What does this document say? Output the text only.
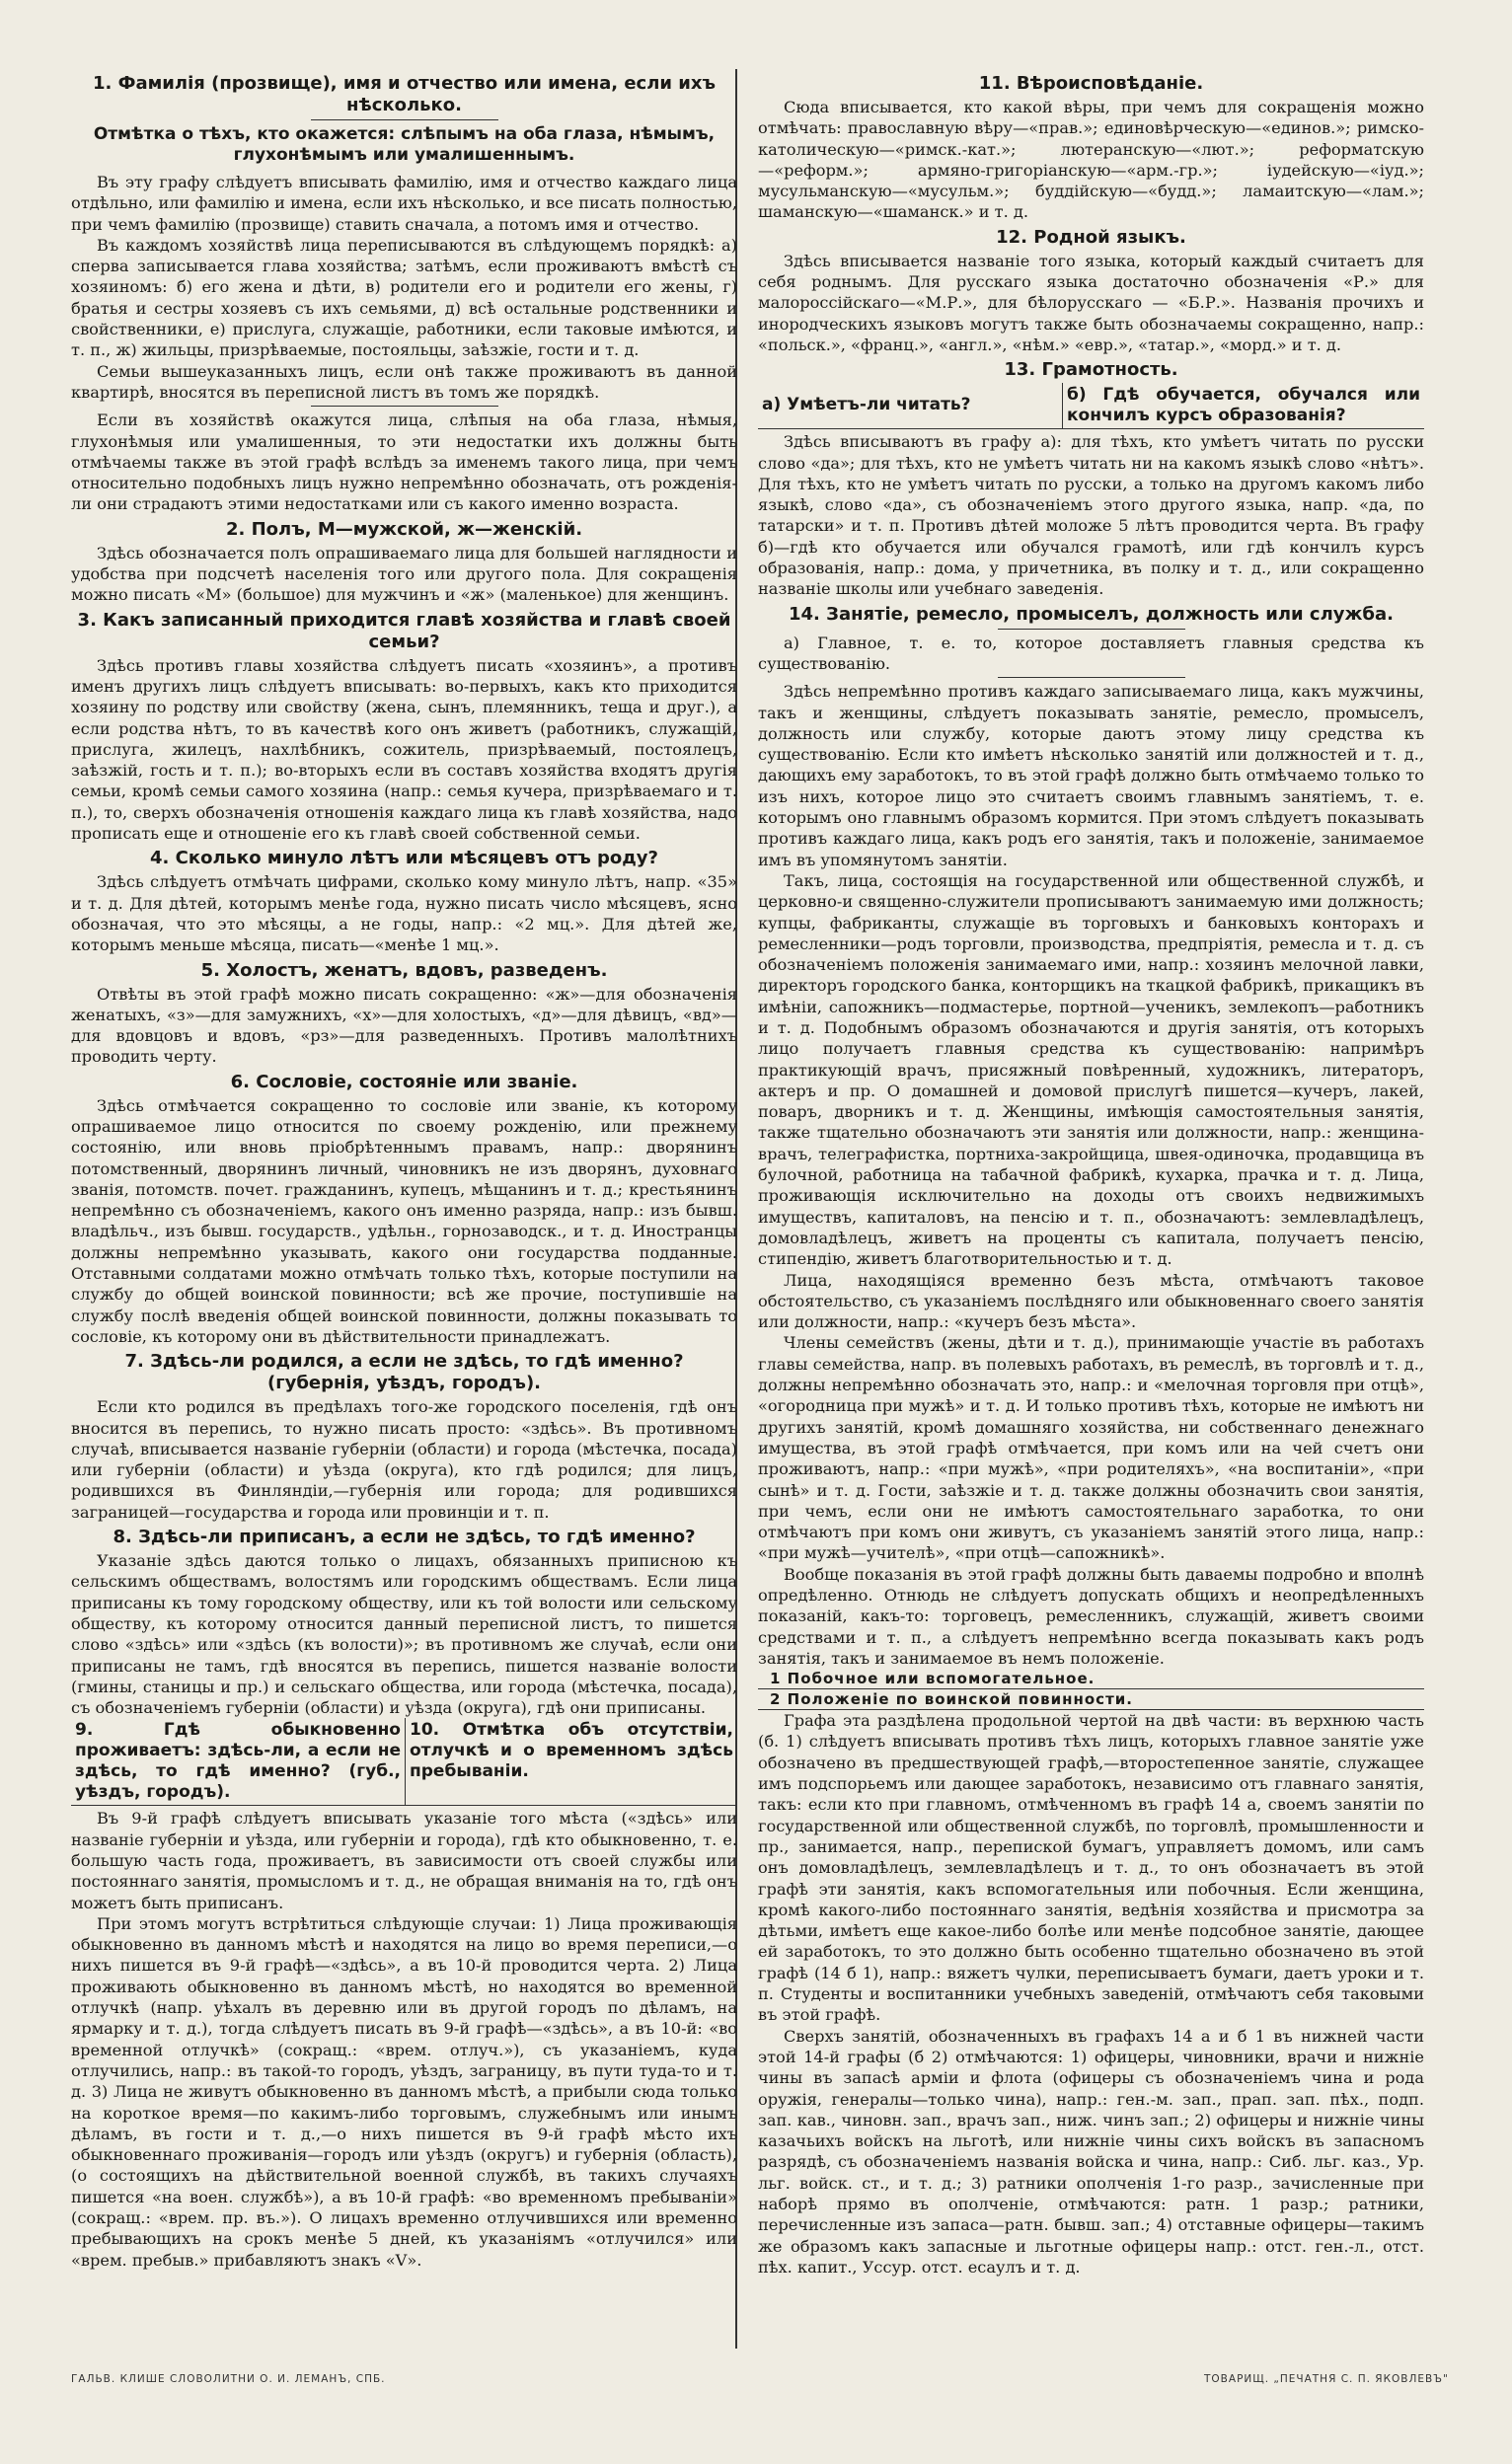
1. Фамилія (прозвище), имя и отчество или имена, если ихъ нѣсколько.
Отмѣтка о тѣхъ, кто окажется: слѣпымъ на оба глаза, нѣмымъ, глухонѣмымъ или умалишеннымъ.

Въ эту графу слѣдуетъ вписывать фамилію, имя и отчество каждаго лица отдѣльно, или фамилію и имена, если ихъ нѣсколько, и все писать полностью, при чемъ фамилію (прозвище) ставить сначала, а потомъ имя и отчество.

Въ каждомъ хозяйствѣ лица переписываются въ слѣдующемъ порядкѣ: а) сперва записывается глава хозяйства; затѣмъ, если проживаютъ вмѣстѣ съ хозяиномъ: б) его жена и дѣти, в) родители его и родители его жены, г) братья и сестры хозяевъ съ ихъ семьями, д) всѣ остальные родственники и свойственники, е) прислуга, служащіе, работники, если таковые имѣются, и т. п., ж) жильцы, призрѣваемые, постояльцы, заѣзжіе, гости и т. д.

Семьи вышеуказанныхъ лицъ, если онѣ также проживаютъ въ данной квартирѣ, вносятся въ переписной листъ въ томъ же порядкѣ.

Если въ хозяйствѣ окажутся лица, слѣпыя на оба глаза, нѣмыя, глухонѣмыя или умалишенныя, то эти недостатки ихъ должны быть отмѣчаемы также въ этой графѣ вслѣдъ за именемъ такого лица, при чемъ относительно подобныхъ лицъ нужно непремѣнно обозначать, отъ рожденія-ли они страдаютъ этими недостатками или съ какого именно возраста.

2. Полъ, М—мужской, ж—женскій.

Здѣсь обозначается полъ опрашиваемаго лица для большей наглядности и удобства при подсчетѣ населенія того или другого пола. Для сокращенія можно писать «М» (большое) для мужчинъ и «ж» (маленькое) для женщинъ.

3. Какъ записанный приходится главѣ хозяйства и главѣ своей семьи?

Здѣсь противъ главы хозяйства слѣдуетъ писать «хозяинъ», а противъ именъ другихъ лицъ слѣдуетъ вписывать: во-первыхъ, какъ кто приходится хозяину по родству или свойству (жена, сынъ, племянникъ, теща и друг.), а если родства нѣтъ, то въ качествѣ кого онъ живетъ (работникъ, служащій, прислуга, жилецъ, нахлѣбникъ, сожитель, призрѣваемый, постоялецъ, заѣзжій, гость и т. п.); во-вторыхъ если въ составъ хозяйства входятъ другія семьи, кромѣ семьи самого хозяина (напр.: семья кучера, призрѣваемаго и т. п.), то, сверхъ обозначенія отношенія каждаго лица къ главѣ хозяйства, надо прописать еще и отношеніе его къ главѣ своей собственной семьи.

4. Сколько минуло лѣтъ или мѣсяцевъ отъ роду?

Здѣсь слѣдуетъ отмѣчать цифрами, сколько кому минуло лѣтъ, напр. «35» и т. д. Для дѣтей, которымъ менѣе года, нужно писать число мѣсяцевъ, ясно обозначая, что это мѣсяцы, а не годы, напр.: «2 мц.». Для дѣтей же, которымъ меньше мѣсяца, писать—«менѣе 1 мц.».

5. Холостъ, женатъ, вдовъ, разведенъ.

Отвѣты въ этой графѣ можно писать сокращенно: «ж»—для обозначенія женатыхъ, «з»—для замужнихъ, «х»—для холостыхъ, «д»—для дѣвицъ, «вд»—для вдовцовъ и вдовъ, «рз»—для разведенныхъ. Противъ малолѣтнихъ проводить черту.

6. Сословіе, состояніе или званіе.

Здѣсь отмѣчается сокращенно то сословіе или званіе, къ которому опрашиваемое лицо относится по своему рожденію, или прежнему состоянію, или вновь пріобрѣтеннымъ правамъ, напр.: дворянинъ потомственный, дворянинъ личный, чиновникъ не изъ дворянъ, духовнаго званія, потомств. почет. гражданинъ, купецъ, мѣщанинъ и т. д.; крестьянинъ непремѣнно съ обозначеніемъ, какого онъ именно разряда, напр.: изъ бывш. владѣльч., изъ бывш. государств., удѣльн., горнозаводск., и т. д. Иностранцы должны непремѣнно указывать, какого они государства подданные. Отставными солдатами можно отмѣчать только тѣхъ, которые поступили на службу до общей воинской повинности; всѣ же прочие, поступившіе на службу послѣ введенія общей воинской повинности, должны показывать то сословіе, къ которому они въ дѣйствительности принадлежатъ.

7. Здѣсь-ли родился, а если не здѣсь, то гдѣ именно? (губернія, уѣздъ, городъ).

Если кто родился въ предѣлахъ того-же городского поселенія, гдѣ онъ вносится въ перепись, то нужно писать просто: «здѣсь». Въ противномъ случаѣ, вписывается названіе губерніи (области) и города (мѣстечка, посада) или губерніи (области) и уѣзда (округа), кто гдѣ родился; для лицъ, родившихся въ Финляндіи,—губернія или города; для родившихся заграницей—государства и города или провинціи и т. п.

8. Здѣсь-ли приписанъ, а если не здѣсь, то гдѣ именно?

Указаніе здѣсь даются только о лицахъ, обязанныхъ приписною къ сельскимъ обществамъ, волостямъ или городскимъ обществамъ. Если лица приписаны къ тому городскому обществу, или къ той волости или сельскому обществу, къ которому относится данный переписной листъ, то пишется слово «здѣсь» или «здѣсь (къ волости)»; въ противномъ же случаѣ, если они приписаны не тамъ, гдѣ вносятся въ перепись, пишется названіе волости (гмины, станицы и пр.) и сельскаго общества, или города (мѣстечка, посада), съ обозначеніемъ губерніи (области) и уѣзда (округа), гдѣ они приписаны.

9. Гдѣ обыкновенно проживаетъ: здѣсь-ли, а если не здѣсь, то гдѣ именно? (губ., уѣздъ, городъ).
10. Отмѣтка объ отсутствіи, отлучкѣ и о временномъ здѣсь пребываніи.

Въ 9-й графѣ слѣдуетъ вписывать указаніе того мѣста («здѣсь» или названіе губерніи и уѣзда, или губерніи и города), гдѣ кто обыкновенно, т. е. большую часть года, проживаетъ, въ зависимости отъ своей службы или постояннаго занятія, промысломъ и т. д., не обращая вниманія на то, гдѣ онъ можетъ быть приписанъ.

При этомъ могутъ встрѣтиться слѣдующіе случаи: 1) Лица проживающія обыкновенно въ данномъ мѣстѣ и находятся на лицо во время переписи,—о нихъ пишется въ 9-й графѣ—«здѣсь», а въ 10-й проводится черта. 2) Лица проживають обыкновенно въ данномъ мѣстѣ, но находятся во временной отлучкѣ (напр. уѣхалъ въ деревню или въ другой городъ по дѣламъ, на ярмарку и т. д.), тогда слѣдуетъ писать въ 9-й графѣ—«здѣсь», а въ 10-й: «во временной отлучкѣ» (сокращ.: «врем. отлуч.»), съ указаніемъ, куда отлучились, напр.: въ такой-то городъ, уѣздъ, заграницу, въ пути туда-то и т. д. 3) Лица не живутъ обыкновенно въ данномъ мѣстѣ, а прибыли сюда только на короткое время—по какимъ-либо торговымъ, служебнымъ или инымъ дѣламъ, въ гости и т. д.,—о нихъ пишется въ 9-й графѣ мѣсто ихъ обыкновеннаго проживанія—городъ или уѣздъ (округъ) и губернія (область), (о состоящихъ на дѣйствительной военной службѣ, въ такихъ случаяхъ пишется «на воен. службѣ»), а въ 10-й графѣ: «во временномъ пребываніи» (сокращ.: «врем. пр. въ.»). О лицахъ временно отлучившихся или временно пребывающихъ на срокъ менѣе 5 дней, къ указаніямъ «отлучился» или «врем. пребыв.» прибавляютъ знакъ «V».

11. Вѣроисповѣданіе.

Сюда вписывается, кто какой вѣры, при чемъ для сокращенія можно отмѣчать: православную вѣру—«прав.»; единовѣрческую—«единов.»; римско-католическую—«римск.-кат.»; лютеранскую—«лют.»; реформатскую—«реформ.»; армяно-григоріанскую—«арм.-гр.»; іудейскую—«іуд.»; мусульманскую—«мусульм.»; буддійскую—«будд.»; ламаитскую—«лам.»; шаманскую—«шаманск.» и т. д.

12. Родной языкъ.

Здѣсь вписывается названіе того языка, который каждый считаетъ для себя роднымъ. Для русскаго языка достаточно обозначенія «Р.» для малороссійскаго—«М.Р.», для бѣлорусскаго — «Б.Р.». Названія прочихъ и инородческихъ языковъ могутъ также быть обозначаемы сокращенно, напр.: «польск.», «франц.», «англ.», «нѣм.» «евр.», «татар.», «морд.» и т. д.

13. Грамотность.
а) Умѣетъ-ли читать?	б) Гдѣ обучается, обучался или кончилъ курсъ образованія?

Здѣсь вписываютъ въ графу а): для тѣхъ, кто умѣетъ читать по русски слово «да»; для тѣхъ, кто не умѣетъ читать ни на какомъ языкѣ слово «нѣтъ». Для тѣхъ, кто не умѣетъ читать по русски, а только на другомъ какомъ либо языкѣ, слово «да», съ обозначеніемъ этого другого языка, напр. «да, по татарски» и т. п. Противъ дѣтей моложе 5 лѣтъ проводится черта. Въ графу б)—гдѣ кто обучается или обучался грамотѣ, или гдѣ кончилъ курсъ образованія, напр.: дома, у причетника, въ полку и т. д., или сокращенно названіе школы или учебнаго заведенія.

14. Занятіе, ремесло, промыселъ, должность или служба.

а) Главное, т. е. то, которое доставляетъ главныя средства къ существованію.

Здѣсь непремѣнно противъ каждаго записываемаго лица, какъ мужчины, такъ и женщины, слѣдуетъ показывать занятіе, ремесло, промыселъ, должность или службу, которые даютъ этому лицу средства къ существованію. Если кто имѣетъ нѣсколько занятій или должностей и т. д., дающихъ ему заработокъ, то въ этой графѣ должно быть отмѣчаемо только то изъ нихъ, которое лицо это считаетъ своимъ главнымъ занятіемъ, т. е. которымъ оно главнымъ образомъ кормится. При этомъ слѣдуетъ показывать противъ каждаго лица, какъ родъ его занятія, такъ и положеніе, занимаемое имъ въ упомянутомъ занятіи.

Такъ, лица, состоящія на государственной или общественной службѣ, и церковно-и священно-служители прописываютъ занимаемую ими должность; купцы, фабриканты, служащіе въ торговыхъ и банковыхъ конторахъ и ремесленники—родъ торговли, производства, предпріятія, ремесла и т. д. съ обозначеніемъ положенія занимаемаго ими, напр.: хозяинъ мелочной лавки, директоръ городского банка, конторщикъ на ткацкой фабрикѣ, прикащикъ въ имѣніи, сапожникъ—подмастерье, портной—ученикъ, землекопъ—работникъ и т. д. Подобнымъ образомъ обозначаются и другія занятія, отъ которыхъ лицо получаетъ главныя средства къ существованію: напримѣръ практикующій врачъ, присяжный повѣренный, художникъ, литераторъ, актеръ и пр. О домашней и домовой прислугѣ пишется—кучеръ, лакей, поваръ, дворникъ и т. д. Женщины, имѣющія самостоятельныя занятія, также тщательно обозначаютъ эти занятія или должности, напр.: женщина-врачъ, телеграфистка, портниха-закройщица, швея-одиночка, продавщица въ булочной, работница на табачной фабрикѣ, кухарка, прачка и т. д. Лица, проживающія исключительно на доходы отъ своихъ недвижимыхъ имуществъ, капиталовъ, на пенсію и т. п., обозначаютъ: землевладѣлецъ, домовладѣлецъ, живетъ на проценты съ капитала, получаетъ пенсію, стипендію, живетъ благотворительностью и т. д.

Лица, находящіяся временно безъ мѣста, отмѣчаютъ таковое обстоятельство, съ указаніемъ послѣдняго или обыкновеннаго своего занятія или должности, напр.: «кучеръ безъ мѣста».

Члены семействъ (жены, дѣти и т. д.), принимающіе участіе въ работахъ главы семейства, напр. въ полевыхъ работахъ, въ ремеслѣ, въ торговлѣ и т. д., должны непремѣнно обозначать это, напр.: и «мелочная торговля при отцѣ», «огородница при мужѣ» и т. д. И только противъ тѣхъ, которые не имѣютъ ни другихъ занятій, кромѣ домашняго хозяйства, ни собственнаго денежнаго имущества, въ этой графѣ отмѣчается, при комъ или на чей счетъ они проживаютъ, напр.: «при мужѣ», «при родителяхъ», «на воспитаніи», «при сынѣ» и т. д. Гости, заѣзжіе и т. д. также должны обозначить свои занятія, при чемъ, если они не имѣютъ самостоятельнаго заработка, то они отмѣчаютъ при комъ они живутъ, съ указаніемъ занятій этого лица, напр.: «при мужѣ—учителѣ», «при отцѣ—сапожникѣ».

Вообще показанія въ этой графѣ должны быть даваемы подробно и вполнѣ опредѣленно. Отнюдь не слѣдуетъ допускать общихъ и неопредѣленныхъ показаній, какъ-то: торговецъ, ремесленникъ, служащій, живетъ своими средствами и т. п., а слѣдуетъ непремѣнно всегда показывать какъ родъ занятія, такъ и занимаемое въ немъ положеніе.

1 Побочное или вспомогательное.
2 Положеніе по воинской повинности.

Графа эта раздѣлена продольной чертой на двѣ части: въ верхнюю часть (б. 1) слѣдуетъ вписывать противъ тѣхъ лицъ, которыхъ главное занятіе уже обозначено въ предшествующей графѣ,—второстепенное занятіе, служащее имъ подспорьемъ или дающее заработокъ, независимо отъ главнаго занятія, такъ: если кто при главномъ, отмѣченномъ въ графѣ 14 а, своемъ занятіи по государственной или общественной службѣ, по торговлѣ, промышленности и пр., занимается, напр., перепиской бумагъ, управляетъ домомъ, или самъ онъ домовладѣлецъ, землевладѣлецъ и т. д., то онъ обозначаетъ въ этой графѣ эти занятія, какъ вспомогательныя или побочныя. Если женщина, кромѣ какого-либо постояннаго занятія, ведѣнія хозяйства и присмотра за дѣтьми, имѣетъ еще какое-либо болѣе или менѣе подсобное занятіе, дающее ей заработокъ, то это должно быть особенно тщательно обозначено въ этой графѣ (14 б 1), напр.: вяжетъ чулки, переписываетъ бумаги, даетъ уроки и т. п. Студенты и воспитанники учебныхъ заведеній, отмѣчаютъ себя таковыми въ этой графѣ.

Сверхъ занятій, обозначенныхъ въ графахъ 14 а и б 1 въ нижней части этой 14-й графы (б 2) отмѣчаются: 1) офицеры, чиновники, врачи и нижніе чины въ запасѣ арміи и флота (офицеры съ обозначеніемъ чина и рода оружія, генералы—только чина), напр.: ген.-м. зап., прап. зап. пѣх., подп. зап. кав., чиновн. зап., врачъ зап., ниж. чинъ зап.; 2) офицеры и нижніе чины казачьихъ войскъ на льготѣ, или нижніе чины сихъ войскъ въ запасномъ разрядѣ, съ обозначеніемъ названія войска и чина, напр.: Сиб. льг. каз., Ур. льг. войск. ст., и т. д.; 3) ратники ополченія 1-го разр., зачисленные при наборѣ прямо въ ополченіе, отмѣчаются: ратн. 1 разр.; ратники, перечисленные изъ запаса—ратн. бывш. зап.; 4) отставные офицеры—такимъ же образомъ какъ запасные и льготные офицеры напр.: отст. ген.-л., отст. пѣх. капит., Уссур. отст. есаулъ и т. д.

ГАЛЬВ. КЛИШЕ СЛОВОЛИТНИ О. И. ЛЕМАНЪ, СПБ.	ТОВАРИЩ. „ПЕЧАТНЯ С. П. ЯКОВЛЕВЪ"
